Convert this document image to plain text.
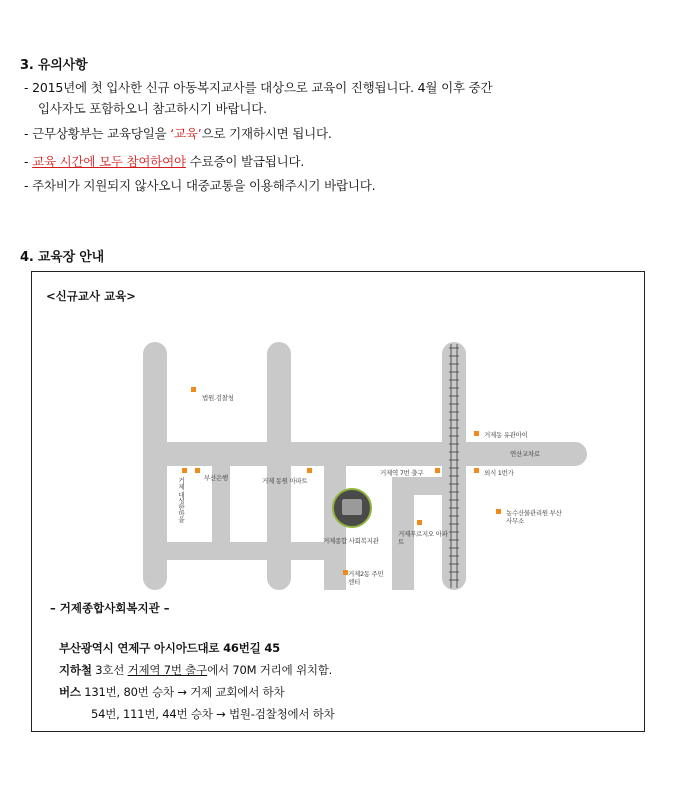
3. 유의사항
- 2015년에 첫 입사한 신규 아동복지교사를 대상으로 교육이 진행됩니다. 4월 이후 중간
입사자도 포함하오니 참고하시기 바랍니다.
- 근무상황부는 교육당일을 ‘교육’으로 기재하시면 됩니다.
- 교육 시간에 모두 참여하여야 수료증이 발급됩니다.
- 주차비가 지원되지 않사오니 대중교통을 이용해주시기 바랍니다.
4. 교육장 안내
<신규교사 교육>
법원.검찰청
거제동 유관아이
연산교차로
거제 대성한마을	부산은행	거제 동원 아파트
거제역 7번 출구	외식 1번가
거제종합 사회복지관
농수산물관리원 부산사무소
거제푸르지오 아파트
거제2동 주민센터
– 거제종합사회복지관 –
부산광역시 연제구 아시아드대로 46번길 45
지하철 3호선 거제역 7번 출구에서 70M 거리에 위치함.
버스 131번, 80번 승차 → 거제 교회에서 하차
54번, 111번, 44번 승차 → 법원-검찰청에서 하차
